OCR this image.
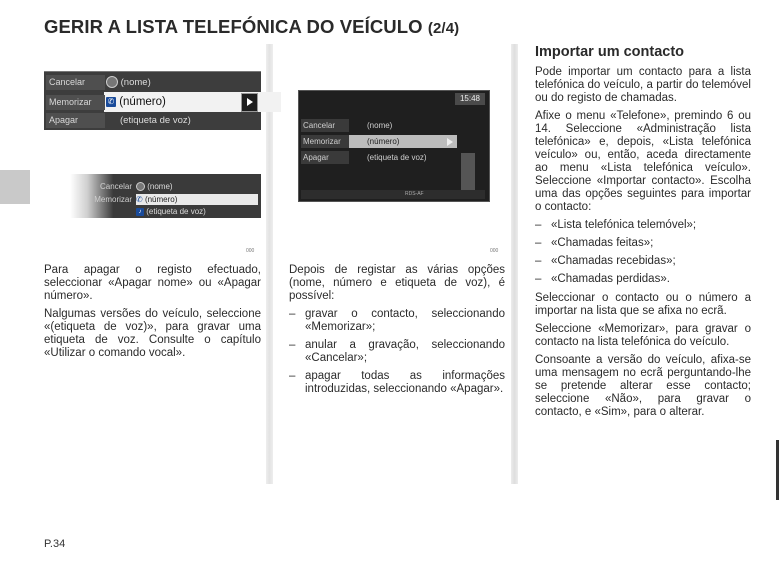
GERIR A LISTA TELEFÓNICA DO VEÍCULO (2/4)
Cancelar	(nome)
Memorizar	✆ (número)
Apagar	(etiqueta de voz)
Cancelar	(nome)
Memorizar ✆ (número)
♪ (etiqueta de voz)
000
15:48
Cancelar	(nome)
Memorizar	(número)
Apagar	(etiqueta de voz)
RDS-AF
000

Para apagar o registo efectuado, seleccionar «Apagar nome» ou «Apagar número».

Nalgumas versões do veículo, seleccione «(etiqueta de voz)», para gravar uma etiqueta de voz. Consulte o capítulo «Utilizar o comando vocal».

Depois de registar as várias opções (nome, número e etiqueta de voz), é possível:

– gravar o contacto, seleccionando «Memorizar»;
– anular a gravação, seleccionando «Cancelar»;
– apagar todas as informações introduzidas, seleccionando «Apagar».
Importar um contacto

Pode importar um contacto para a lista telefónica do veículo, a partir do telemóvel ou do registo de chamadas.

Afixe o menu «Telefone», premindo 6 ou 14. Seleccione «Administração lista telefónica» e, depois, «Lista telefónica veículo» ou, então, aceda directamente ao menu «Lista telefónica veículo». Seleccione «Importar contacto». Escolha uma das opções seguintes para importar o contacto:

– «Lista telefónica telemóvel»;
– «Chamadas feitas»;
– «Chamadas recebidas»;
– «Chamadas perdidas».

Seleccionar o contacto ou o número a importar na lista que se afixa no ecrã.

Seleccione «Memorizar», para gravar o contacto na lista telefónica do veículo.

Consoante a versão do veículo, afixa-se uma mensagem no ecrã perguntando-lhe se pretende alterar esse contacto; seleccione «Não», para gravar o contacto, e «Sim», para o alterar.

P.34
